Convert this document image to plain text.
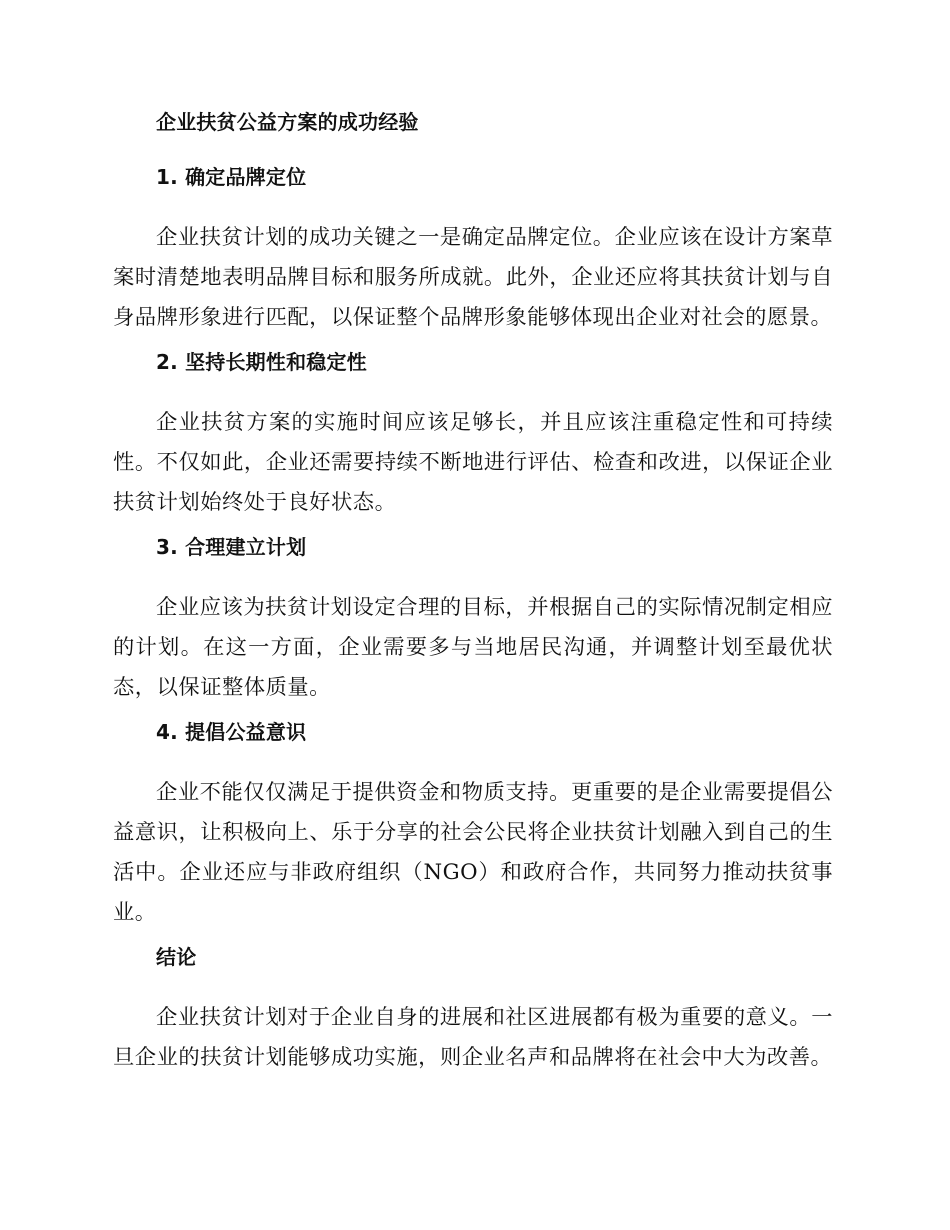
企业扶贫公益方案的成功经验
1. 确定品牌定位

企业扶贫计划的成功关键之一是确定品牌定位。企业应该在设计方案草案时清楚地表明品牌目标和服务所成就。此外，企业还应将其扶贫计划与自身品牌形象进行匹配，以保证整个品牌形象能够体现出企业对社会的愿景。

2. 坚持长期性和稳定性

企业扶贫方案的实施时间应该足够长，并且应该注重稳定性和可持续性。不仅如此，企业还需要持续不断地进行评估、检查和改进，以保证企业扶贫计划始终处于良好状态。

3. 合理建立计划

企业应该为扶贫计划设定合理的目标，并根据自己的实际情况制定相应的计划。在这一方面，企业需要多与当地居民沟通，并调整计划至最优状态，以保证整体质量。

4. 提倡公益意识

企业不能仅仅满足于提供资金和物质支持。更重要的是企业需要提倡公益意识，让积极向上、乐于分享的社会公民将企业扶贫计划融入到自己的生活中。企业还应与非政府组织（NGO）和政府合作，共同努力推动扶贫事业。

结论

企业扶贫计划对于企业自身的进展和社区进展都有极为重要的意义。一旦企业的扶贫计划能够成功实施，则企业名声和品牌将在社会中大为改善。
